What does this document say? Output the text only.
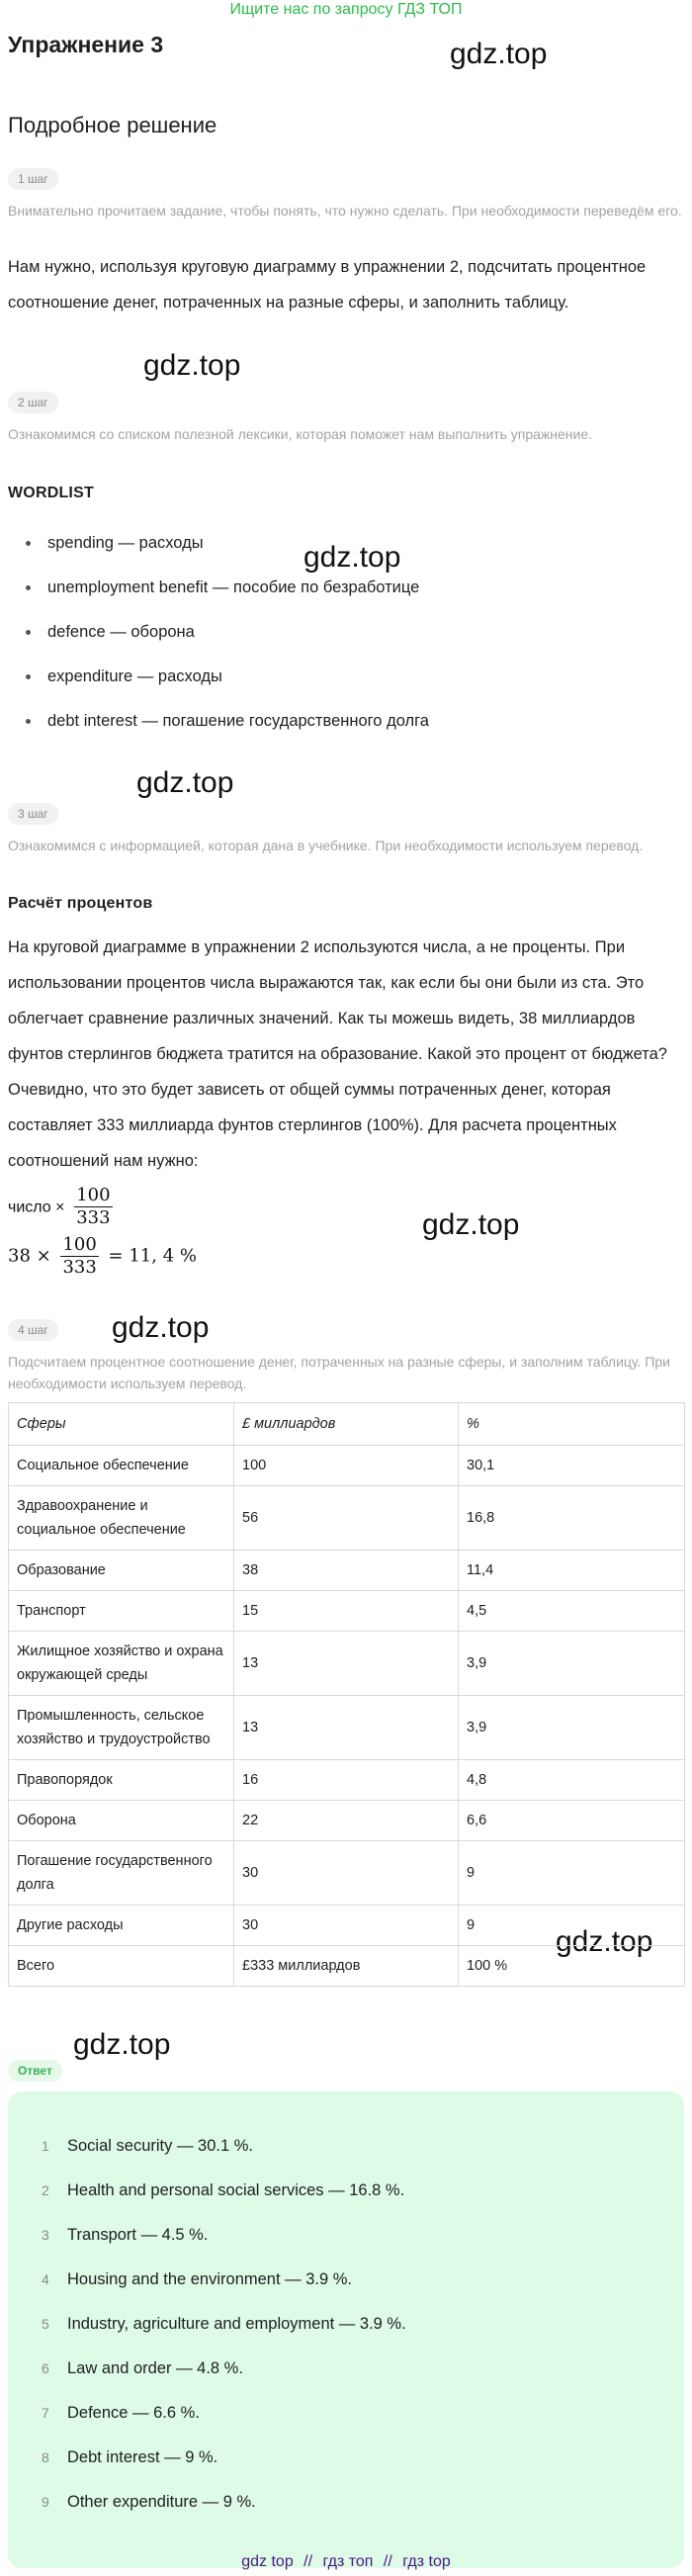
Ищите нас по запросу ГДЗ ТОП
Упражнение 3
Подробное решение
gdz.top
gdz.top
gdz.top
gdz.top
gdz.top
gdz.top
gdz.top
gdz.top
1 шаг
Внимательно прочитаем задание, чтобы понять, что нужно сделать. При необходимости переведём его.
Нам нужно, используя круговую диаграмму в упражнении 2, подсчитать процентное соотношение денег, потраченных на разные сферы, и заполнить таблицу.
2 шаг
Ознакомимся со списком полезной лексики, которая поможет нам выполнить упражнение.
WORDLIST
spending — расходы
unemployment benefit — пособие по безработице
defence — оборона
expenditure — расходы
debt interest — погашение государственного долга
3 шаг
Ознакомимся с информацией, которая дана в учебнике. При необходимости используем перевод.
Расчёт процентов
На круговой диаграмме в упражнении 2 используются числа, а не проценты. При использовании процентов числа выражаются так, как если бы они были из ста. Это облегчает сравнение различных значений. Как ты можешь видеть, 38 миллиардов фунтов стерлингов бюджета тратится на образование. Какой это процент от бюджета? Очевидно, что это будет зависеть от общей суммы потраченных денег, которая составляет 333 миллиарда фунтов стерлингов (100%). Для расчета процентных соотношений нам нужно:
число × $\frac{100}{333}$
$38 \times \frac{100}{333} = 11$, 4 %
4 шаг
Подсчитаем процентное соотношение денег, потраченных на разные сферы, и заполним таблицу. При необходимости используем перевод.
Сферы	£ миллиардов	%
Социальное обеспечение	100	30,1
Здравоохранение и социальное обеспечение	56	16,8
Образование	38	11,4
Транспорт	15	4,5
Жилищное хозяйство и охрана окружающей среды	13	3,9
Промышленность, сельское хозяйство и трудоустройство	13	3,9
Правопорядок	16	4,8
Оборона	22	6,6
Погашение государственного долга	30	9
Другие расходы	30	9
Всего	£333 миллиардов	100 %
Ответ
1 Social security — 30.1 %.
2 Health and personal social services — 16.8 %.
3 Transport — 4.5 %.
4 Housing and the environment — 3.9 %.
5 Industry, agriculture and employment — 3.9 %.
6 Law and order — 4.8 %.
7 Defence — 6.6 %.
8 Debt interest — 9 %.
9 Other expenditure — 9 %.
gdz top // гдз топ // гдз top
